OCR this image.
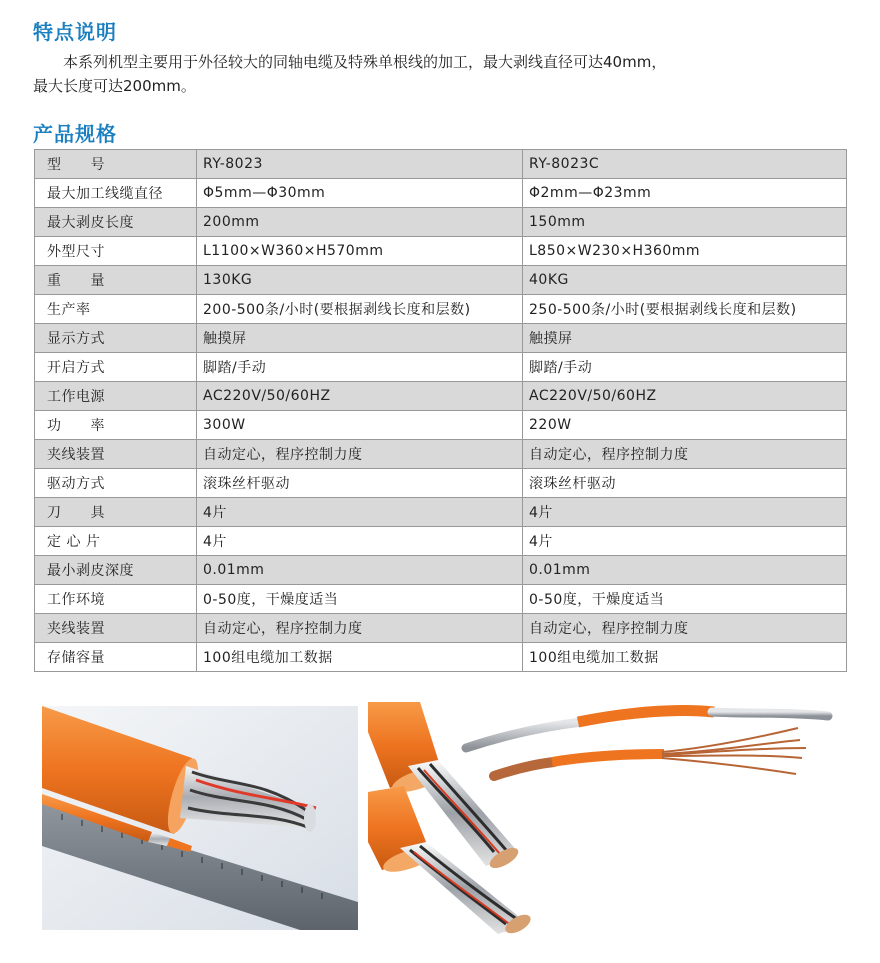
特点说明
本系列机型主要用于外径较大的同轴电缆及特殊单根线的加工，最大剥线直径可达40mm，
最大长度可达200mm。
产品规格
型　　号	RY-8023	RY-8023C
最大加工线缆直径	Φ5mm—Φ30mm	Φ2mm—Φ23mm
最大剥皮长度	200mm	150mm
外型尺寸	L1100×W360×H570mm	L850×W230×H360mm
重　　量	130KG	40KG
生产率	200-500条/小时(要根据剥线长度和层数)	250-500条/小时(要根据剥线长度和层数)
显示方式	触摸屏	触摸屏
开启方式	脚踏/手动	脚踏/手动
工作电源	AC220V/50/60HZ	AC220V/50/60HZ
功　　率	300W	220W
夹线装置	自动定心，程序控制力度	自动定心，程序控制力度
驱动方式	滚珠丝杆驱动	滚珠丝杆驱动
刀　　具	4片	4片
定 心 片	4片	4片
最小剥皮深度	0.01mm	0.01mm
工作环境	0-50度，干燥度适当	0-50度，干燥度适当
夹线装置	自动定心，程序控制力度	自动定心，程序控制力度
存储容量	100组电缆加工数据	100组电缆加工数据
